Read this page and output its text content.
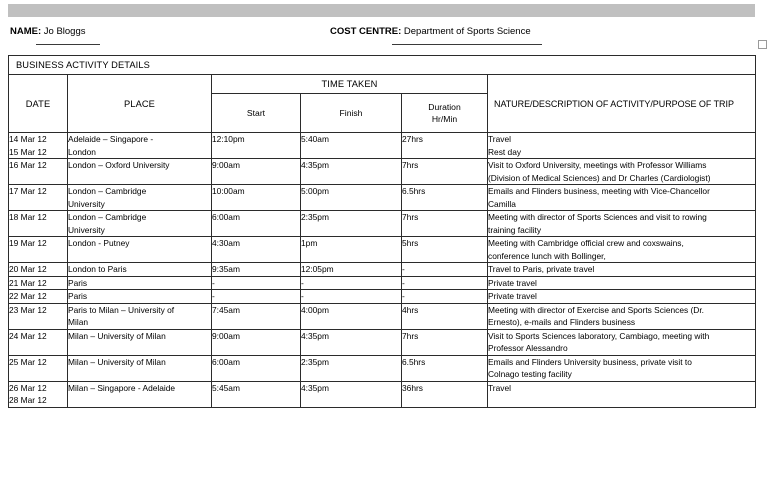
NAME: Jo Bloggs	COST CENTRE: Department of Sports Science
BUSINESS ACTIVITY DETAILS					
DATE	PLACE	TIME TAKEN			NATURE/DESCRIPTION OF ACTIVITY/PURPOSE OF TRIP
		Start	Finish	Duration
Hr/Min	

14 Mar 12
15 Mar 12	Adelaide – Singapore -
London	12:10pm	5:40am	27hrs	Travel
Rest day

16 Mar 12	London – Oxford University	9:00am	4:35pm	7hrs	Visit to Oxford University, meetings with Professor Williams
(Division of Medical Sciences) and Dr Charles (Cardiologist)

17 Mar 12	London – Cambridge
University	10:00am	5:00pm	6.5hrs	Emails and Flinders business, meeting with Vice-Chancellor
Camilla

18 Mar 12	London – Cambridge
University	6:00am	2:35pm	7hrs	Meeting with director of Sports Sciences and visit to rowing
training facility

19 Mar 12	London - Putney	4:30am	1pm	5hrs	Meeting with Cambridge official crew and coxswains,
conference lunch with Bollinger,

20 Mar 12	London to Paris	9:35am	12:05pm	-	Travel to Paris, private travel

21 Mar 12	Paris	-	-	-	Private travel

22 Mar 12	Paris	-	-	-	Private travel

23 Mar 12	Paris to Milan – University of
Milan	7:45am	4:00pm	4hrs	Meeting with director of Exercise and Sports Sciences (Dr.
Ernesto), e-mails and Flinders business

24 Mar 12	Milan – University of Milan	9:00am	4:35pm	7hrs	Visit to Sports Sciences laboratory, Cambiago, meeting with
Professor Alessandro

25 Mar 12	Milan – University of Milan	6:00am	2:35pm	6.5hrs	Emails and Flinders University business, private visit to
Colnago testing facility

26 Mar 12
28 Mar 12	Milan – Singapore - Adelaide	5:45am	4:35pm	36hrs	Travel
